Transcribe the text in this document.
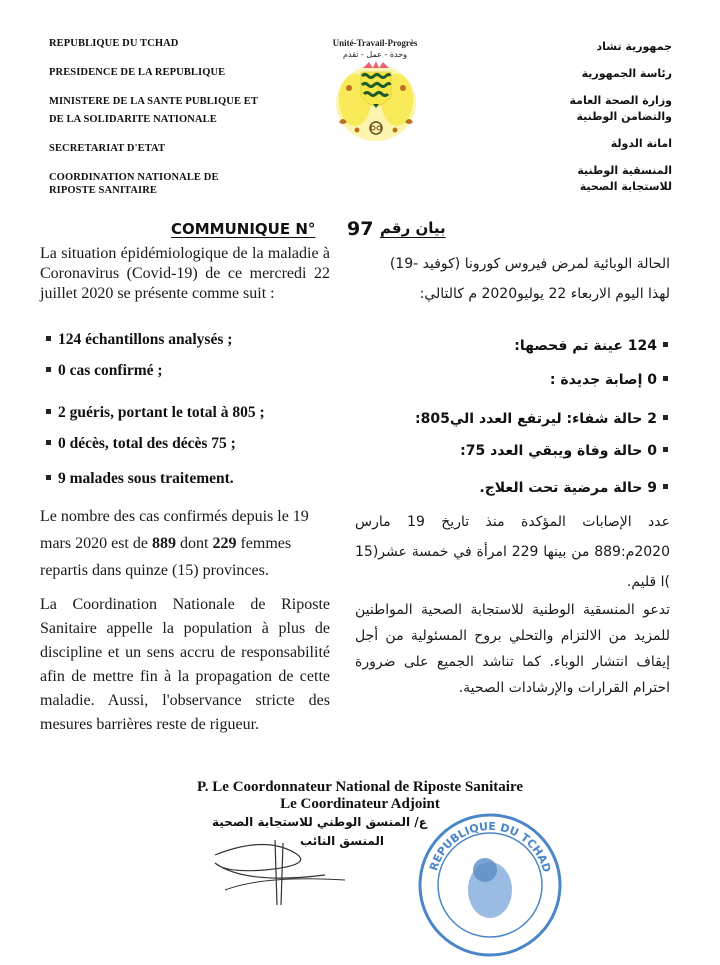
REPUBLIQUE DU TCHAD
PRESIDENCE DE LA REPUBLIQUE
MINISTERE DE LA SANTE PUBLIQUE ET
DE LA SOLIDARITE NATIONALE
SECRETARIAT D'ETAT
COORDINATION NATIONALE DE
RIPOSTE SANITAIRE
Unité-Travail-Progrès
وحدة - عمل - تقدم
جمهورية تشاد
رئاسة الجمهورية
وزارة الصحة العامة
والتضامن الوطنية
امانة الدولة
المنسقية الوطنية
للاستجابة الصحية
COMMUNIQUE N° 97 بيان رقم
La situation épidémiologique de la maladie à Coronavirus (Covid-19) de ce mercredi 22 juillet 2020 se présente comme suit :
الحالة الوبائية لمرض فيروس كورونا (كوفيد -19)
لهذا اليوم الاربعاء 22 يوليو2020 م كالتالي:
124 échantillons analysés ;
0 cas confirmé ;
2 guéris, portant le total à 805 ;
0 décès, total des décès 75 ;
9 malades sous traitement.
124 عينة تم فحصها:
0 إصابة جديدة :
2 حالة شفاء: ليرتفع العدد الي805:
0 حالة وفاة ويبقي العدد 75:
9 حالة مرضية تحت العلاج.
Le nombre des cas confirmés depuis le 19 mars 2020 est de 889 dont 229 femmes repartis dans quinze (15) provinces.
عدد الإصابات المؤكدة منذ تاريخ 19 مارس 2020م:889 من بينها 229 امرأة في خمسة عشر(15 )ا قليم.
La Coordination Nationale de Riposte Sanitaire appelle la population à plus de discipline et un sens accru de responsabilité afin de mettre fin à la propagation de cette maladie. Aussi, l'observance stricte des mesures barrières reste de rigueur.
تدعو المنسقية الوطنية للاستجابة الصحية المواطنين للمزيد من الالتزام والتحلي بروح المسئولية من أجل إيقاف انتشار الوباء. كما تناشد الجميع على ضرورة احترام القرارات والإرشادات الصحية.
P. Le Coordonnateur National de Riposte Sanitaire
Le Coordinateur Adjoint
ع/ المنسق الوطني للاستجابة الصحية
المنسق النائب
REPUBLIQUE DU TCHAD
